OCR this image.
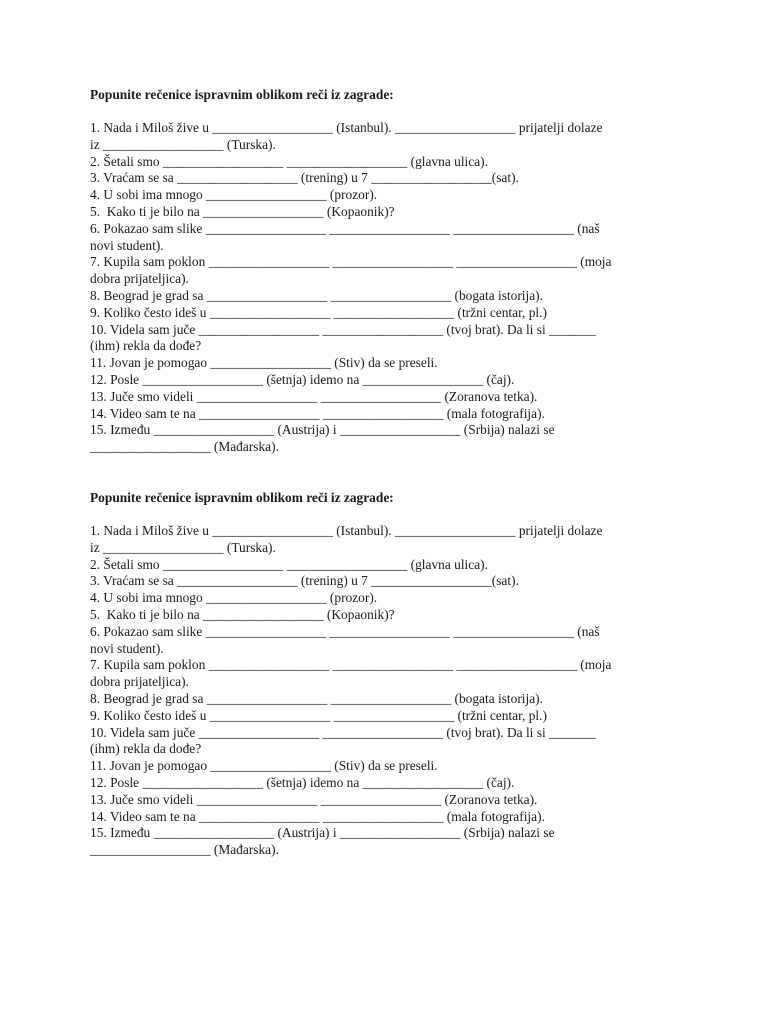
Popunite rečenice ispravnim oblikom reči iz zagrade:

1. Nada i Miloš žive u __________________ (Istanbul). __________________ prijatelji dolaze

iz __________________ (Turska).

2. Šetali smo __________________ __________________ (glavna ulica).

3. Vraćam se sa __________________ (trening) u 7 __________________(sat).

4. U sobi ima mnogo __________________ (prozor).

5.  Kako ti je bilo na __________________ (Kopaonik)?

6. Pokazao sam slike __________________ __________________ __________________ (naš

novi student).

7. Kupila sam poklon __________________ __________________ __________________ (moja

dobra prijateljica).

8. Beograd je grad sa __________________ __________________ (bogata istorija).

9. Koliko često ideš u __________________ __________________ (tržni centar, pl.)

10. Videla sam juče __________________ __________________ (tvoj brat). Da li si _______

(ihm) rekla da dođe?

11. Jovan je pomogao __________________ (Stiv) da se preseli.

12. Posle __________________ (šetnja) idemo na __________________ (čaj).

13. Juče smo videli __________________ __________________ (Zoranova tetka).

14. Video sam te na __________________ __________________ (mala fotografija).

15. Između __________________ (Austrija) i __________________ (Srbija) nalazi se

__________________ (Mađarska).

Popunite rečenice ispravnim oblikom reči iz zagrade:

1. Nada i Miloš žive u __________________ (Istanbul). __________________ prijatelji dolaze

iz __________________ (Turska).

2. Šetali smo __________________ __________________ (glavna ulica).

3. Vraćam se sa __________________ (trening) u 7 __________________(sat).

4. U sobi ima mnogo __________________ (prozor).

5.  Kako ti je bilo na __________________ (Kopaonik)?

6. Pokazao sam slike __________________ __________________ __________________ (naš

novi student).

7. Kupila sam poklon __________________ __________________ __________________ (moja

dobra prijateljica).

8. Beograd je grad sa __________________ __________________ (bogata istorija).

9. Koliko često ideš u __________________ __________________ (tržni centar, pl.)

10. Videla sam juče __________________ __________________ (tvoj brat). Da li si _______

(ihm) rekla da dođe?

11. Jovan je pomogao __________________ (Stiv) da se preseli.

12. Posle __________________ (šetnja) idemo na __________________ (čaj).

13. Juče smo videli __________________ __________________ (Zoranova tetka).

14. Video sam te na __________________ __________________ (mala fotografija).

15. Između __________________ (Austrija) i __________________ (Srbija) nalazi se

__________________ (Mađarska).
